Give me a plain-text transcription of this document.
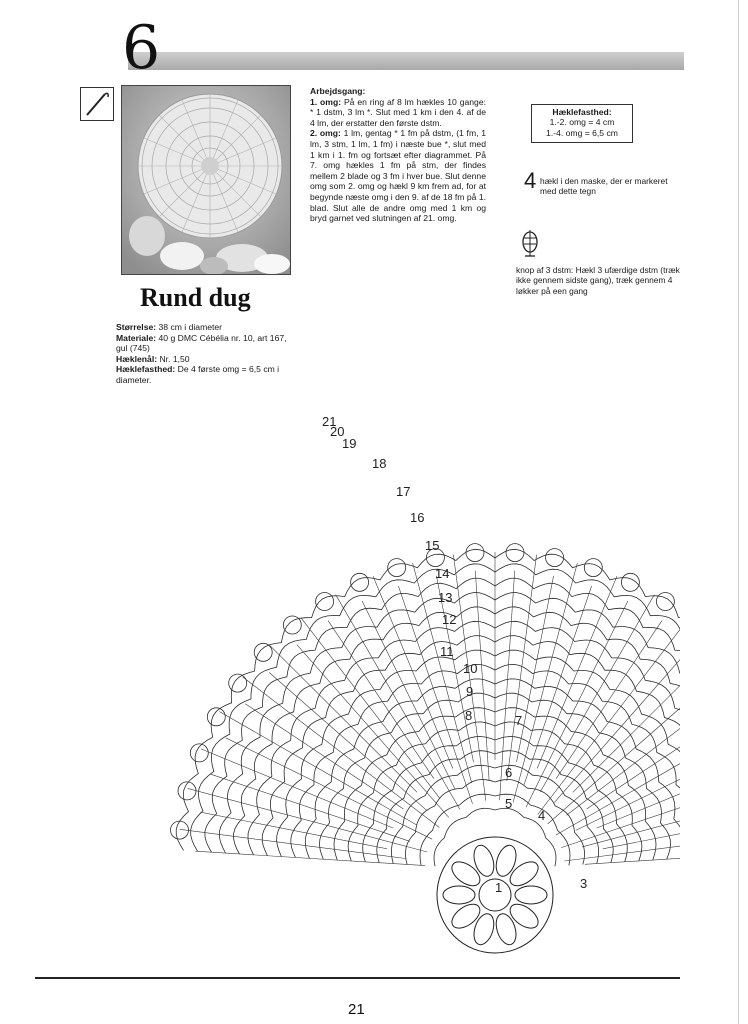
6
Rund dug
Størrelse: 38 cm i diameter
Materiale: 40 g DMC Cébélia nr. 10, art 167, gul (745)
Hæklenål: Nr. 1,50
Hæklefasthed: De 4 første omg = 6,5 cm i diameter.

Arbejdsgang:

1. omg: På en ring af 8 lm hækles 10 gange: * 1 dstm, 3 lm *. Slut med 1 km i den 4. af de 4 lm, der erstatter den første dstm.

2. omg: 1 lm, gentag * 1 fm på dstm, (1 fm, 1 lm, 3 stm, 1 lm, 1 fm) i næste bue *, slut med 1 km i 1. fm og fortsæt efter diagrammet. På 7. omg hækles 1 fm på stm, der findes mellem 2 blade og 3 fm i hver bue. Slut denne omg som 2. omg og hækl 9 km frem ad, for at begynde næste omg i den 9. af de 18 fm på 1. blad. Slut alle de andre omg med 1 km og bryd garnet ved slutningen af 21. omg.

Hæklefasthed:
1.-2. omg = 4 cm
1.-4. omg = 6,5 cm
4 hækl i den maske, der er markeret med dette tegn
knop af 3 dstm: Hækl 3 ufærdige dstm (træk ikke gennem sidste gang), træk gennem 4 løkker på een gang
1	3
4
5
6
7
8
9
10
11
12
13
14
15
16
17
18
19
20
21
21
